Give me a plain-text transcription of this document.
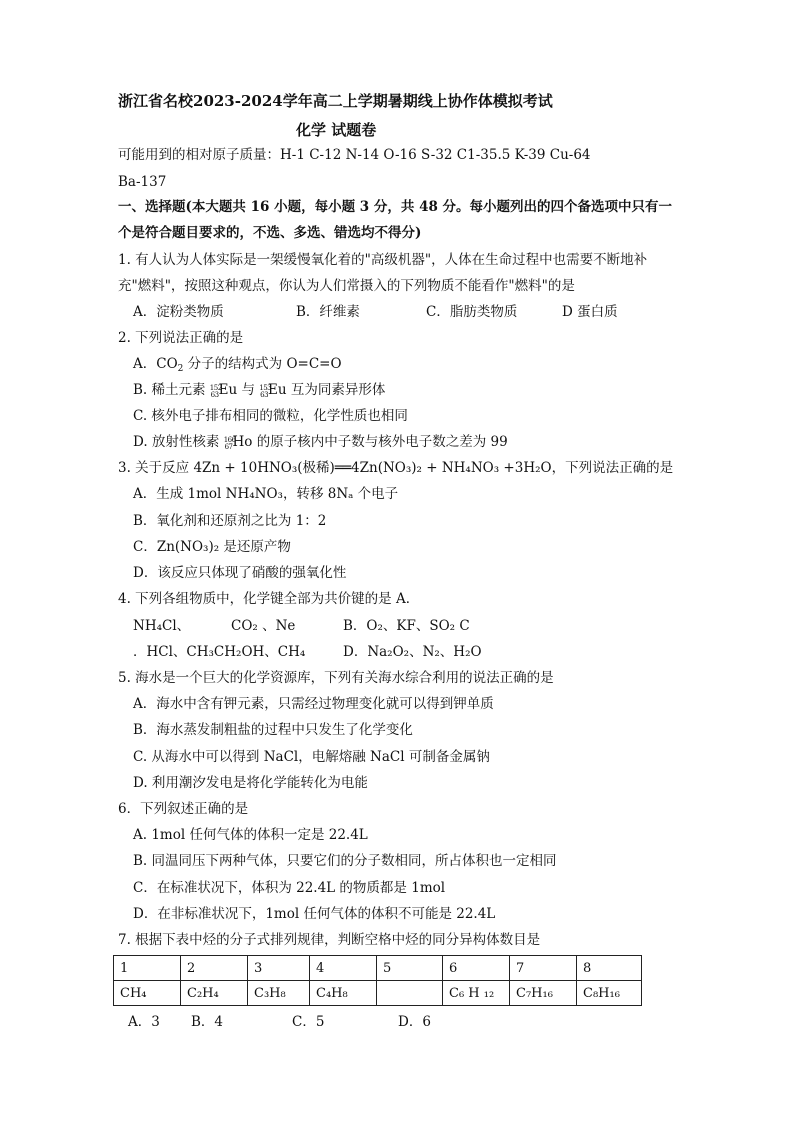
浙江省名校2023-2024学年高二上学期暑期线上协作体模拟考试
化学 试题卷
可能用到的相对原子质量：H-1 C-12 N-14 O-16 S-32 C1-35.5 K-39 Cu-64
Ba-137
一、选择题(本大题共 16 小题，每小题 3 分，共 48 分。每小题列出的四个备选项中只有一
个是符合题目要求的，不选、多选、错选均不得分)
1. 有人认为人体实际是一架缓慢氧化着的"高级机器"，人体在生命过程中也需要不断地补
充"燃料"，按照这种观点，你认为人们常摄入的下列物质不能看作"燃料"的是
A．淀粉类物质	B．纤维素	C．脂肪类物质	D 蛋白质
2. 下列说法正确的是
A．$CO_2$ 分子的结构式为 O=C=O
B. 稀土元素 $^{152}_{63}$Eu 与 $^{153}_{63}$Eu 互为同素异形体
C. 核外电子排布相同的微粒，化学性质也相同
D. 放射性核素 $^{166}_{67}$Ho 的原子核内中子数与核外电子数之差为 99
3. 关于反应 4Zn + 10HNO₃(极稀)══4Zn(NO₃)₂ + NH₄NO₃ +3H₂O，下列说法正确的是
A．生成 1mol NH₄NO₃，转移 8Nₐ 个电子
B．氧化剂和还原剂之比为 1：2
C．Zn(NO₃)₂ 是还原产物
D．该反应只体现了硝酸的强氧化性
4. 下列各组物质中，化学键全部为共价键的是 A．
NH₄Cl、	CO₂ 、Ne	B．O₂、KF、SO₂ C
．HCl、CH₃CH₂OH、CH₄	D．Na₂O₂、N₂、H₂O
5. 海水是一个巨大的化学资源库，下列有关海水综合利用的说法正确的是
A．海水中含有钾元素，只需经过物理变化就可以得到钾单质
B．海水蒸发制粗盐的过程中只发生了化学变化
C. 从海水中可以得到 NaCl，电解熔融 NaCl 可制备金属钠
D. 利用潮汐发电是将化学能转化为电能
6．下列叙述正确的是
A. 1mol 任何气体的体积一定是 22.4L
B. 同温同压下两种气体，只要它们的分子数相同，所占体积也一定相同
C．在标准状况下，体积为 22.4L 的物质都是 1mol
D．在非标准状况下，1mol 任何气体的体积不可能是 22.4L
7. 根据下表中烃的分子式排列规律，判断空格中烃的同分异构体数目是
1	2	3	4	5	6	7	8
CH₄	C₂H₄	C₃H₈	C₄H₈		C₆ H ₁₂	C₇H₁₆	C₈H₁₆
A．3 B．4	C．5	D．6
